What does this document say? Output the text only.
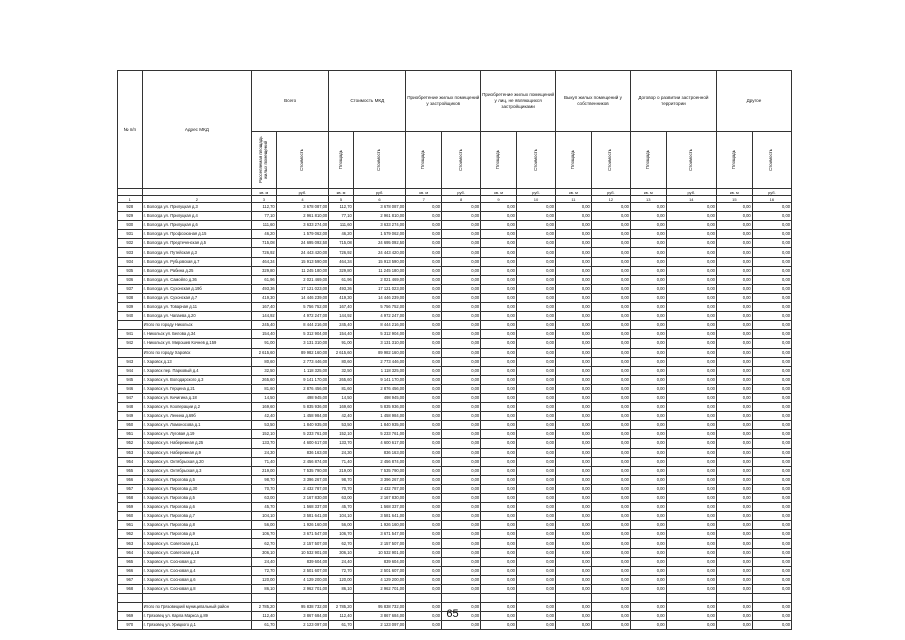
№ п/п	Адрес МКД	Всего		Стоимость МКД		Приобретение жилых помещений у застройщиков		Приобретение жилых помещений у лиц, не являющихся застройщиками		Выкуп жилых помещений у собственников		Договор о развитии застроенной территории		Другое	
		Расселяемая площадь жилых помещений	Стоимость	Площадь	Стоимость	Площадь	Стоимость	Площадь	Стоимость	Площадь	Стоимость	Площадь	Стоимость	Площадь	Стоимость
		кв. м	руб.	кв. м	руб.	кв. м	руб.	кв. м	руб.	кв. м	руб.	кв. м	руб.	кв. м	руб.
1	2	3	4	5	6	7	8	9	10	11	12	13	14	15	16
928	г. Вологда ул. Прилуцкая д.3	112,70	3 678 087,00	112,70	3 678 087,00	0,00	0,00	0,00	0,00	0,00	0,00	0,00	0,00	0,00	0,00
929	г. Вологда ул. Прилуцкая д.4	77,10	2 961 810,00	77,10	2 961 810,00	0,00	0,00	0,00	0,00	0,00	0,00	0,00	0,00	0,00	0,00
930	г. Вологда ул. Прилуцкая д.6	111,60	3 633 274,00	111,60	3 633 274,00	0,00	0,00	0,00	0,00	0,00	0,00	0,00	0,00	0,00	0,00
931	г. Вологда ул. Профсоюзная д.15	46,20	1 579 062,00	46,20	1 579 062,00	0,00	0,00	0,00	0,00	0,00	0,00	0,00	0,00	0,00	0,00
932	г. Вологда ул. Предтеченская д.5	715,08	24 695 092,50	715,08	24 695 092,50	0,00	0,00	0,00	0,00	0,00	0,00	0,00	0,00	0,00	0,00
933	г. Вологда ул. Путейская д.3	726,92	24 443 420,00	726,92	24 443 420,00	0,00	0,00	0,00	0,00	0,00	0,00	0,00	0,00	0,00	0,00
934	г. Вологда ул. Рубцовская д.7	464,34	15 913 590,00	464,34	15 913 590,00	0,00	0,00	0,00	0,00	0,00	0,00	0,00	0,00	0,00	0,00
935	г. Вологда ул. Рабина д.25	329,80	11 245 180,00	329,80	11 245 180,00	0,00	0,00	0,00	0,00	0,00	0,00	0,00	0,00	0,00	0,00
936	г. Вологда ул. Самойло д.36	61,96	2 021 469,00	61,96	2 021 469,00	0,00	0,00	0,00	0,00	0,00	0,00	0,00	0,00	0,00	0,00
937	г. Вологда ул. Сухонская д.19б	493,36	17 121 023,00	493,36	17 121 023,00	0,00	0,00	0,00	0,00	0,00	0,00	0,00	0,00	0,00	0,00
938	г. Вологда ул. Сухонская д.7	419,30	14 446 239,00	419,30	14 446 239,00	0,00	0,00	0,00	0,00	0,00	0,00	0,00	0,00	0,00	0,00
939	г. Вологда ул. Товарная д.11	167,40	5 756 752,00	167,40	5 756 752,00	0,00	0,00	0,00	0,00	0,00	0,00	0,00	0,00	0,00	0,00
940	г. Вологда ул. Чапаева д.20	144,92	4 972 247,00	144,92	4 972 247,00	0,00	0,00	0,00	0,00	0,00	0,00	0,00	0,00	0,00	0,00
	Итого по городу Никольск	245,40	8 444 216,00	245,40	8 444 216,00	0,00	0,00	0,00	0,00	0,00	0,00	0,00	0,00	0,00	0,00
941	г. Никольск ул. Белова д.34	154,40	5 312 904,00	154,40	5 312 904,00	0,00	0,00	0,00	0,00	0,00	0,00	0,00	0,00	0,00	0,00
942	г. Никольск ул. Мирошев Кочнев д.159	91,00	3 131 310,00	91,00	3 131 310,00	0,00	0,00	0,00	0,00	0,00	0,00	0,00	0,00	0,00	0,00
	Итого по городу Харовск	2 615,60	89 982 160,00	2 615,60	89 982 160,00	0,00	0,00	0,00	0,00	0,00	0,00	0,00	0,00	0,00	0,00
943	г. Харовск д.13	80,60	2 773 446,00	80,60	2 773 446,00	0,00	0,00	0,00	0,00	0,00	0,00	0,00	0,00	0,00	0,00
944	г. Харовск пер. Парковый д.4	32,50	1 118 325,00	32,50	1 118 325,00	0,00	0,00	0,00	0,00	0,00	0,00	0,00	0,00	0,00	0,00
945	г. Харовск ул. Володарского д.3	265,60	9 141 170,00	265,60	9 141 170,00	0,00	0,00	0,00	0,00	0,00	0,00	0,00	0,00	0,00	0,00
946	г. Харовск ул. Герцена д.21	81,60	2 876 456,00	81,60	2 876 456,00	0,00	0,00	0,00	0,00	0,00	0,00	0,00	0,00	0,00	0,00
947	г. Харовск ул. Кичигина д.18	14,50	498 945,00	14,50	498 945,00	0,00	0,00	0,00	0,00	0,00	0,00	0,00	0,00	0,00	0,00
948	г. Харовск ул. Кооперации д.2	169,60	5 835 936,00	169,60	5 835 936,00	0,00	0,00	0,00	0,00	0,00	0,00	0,00	0,00	0,00	0,00
949	г. Харовск ул. Ленина д.69б	42,40	1 458 984,00	42,40	1 458 984,00	0,00	0,00	0,00	0,00	0,00	0,00	0,00	0,00	0,00	0,00
950	г. Харовск ул. Ломоносова д.1	53,50	1 840 935,00	53,50	1 840 935,00	0,00	0,00	0,00	0,00	0,00	0,00	0,00	0,00	0,00	0,00
951	г. Харовск ул. Луговая д.19	152,10	5 233 761,00	152,10	5 233 761,00	0,00	0,00	0,00	0,00	0,00	0,00	0,00	0,00	0,00	0,00
952	г. Харовск ул. Набережная д.25	133,70	4 600 617,00	133,70	4 600 617,00	0,00	0,00	0,00	0,00	0,00	0,00	0,00	0,00	0,00	0,00
953	г. Харовск ул. Набережная д.9	24,30	836 163,00	24,30	836 163,00	0,00	0,00	0,00	0,00	0,00	0,00	0,00	0,00	0,00	0,00
954	г. Харовск ул. Октябрьская д.20	71,40	2 456 874,00	71,40	2 456 874,00	0,00	0,00	0,00	0,00	0,00	0,00	0,00	0,00	0,00	0,00
955	г. Харовск ул. Октябрьская д.3	219,00	7 535 790,00	219,00	7 535 790,00	0,00	0,00	0,00	0,00	0,00	0,00	0,00	0,00	0,00	0,00
956	г. Харовск ул. Пирогова д.5	98,70	3 396 267,00	98,70	3 396 267,00	0,00	0,00	0,00	0,00	0,00	0,00	0,00	0,00	0,00	0,00
957	г. Харовск ул. Пирогова д.30	70,70	2 432 787,00	70,70	2 432 787,00	0,00	0,00	0,00	0,00	0,00	0,00	0,00	0,00	0,00	0,00
958	г. Харовск ул. Пирогова д.5	63,00	2 167 830,00	63,00	2 167 830,00	0,00	0,00	0,00	0,00	0,00	0,00	0,00	0,00	0,00	0,00
959	г. Харовск ул. Пирогова д.6	45,70	1 568 337,00	45,70	1 568 337,00	0,00	0,00	0,00	0,00	0,00	0,00	0,00	0,00	0,00	0,00
960	г. Харовск ул. Пирогова д.7	104,10	3 581 641,00	104,10	3 581 641,00	0,00	0,00	0,00	0,00	0,00	0,00	0,00	0,00	0,00	0,00
961	г. Харовск ул. Пирогова д.8	56,00	1 926 160,00	56,00	1 926 160,00	0,00	0,00	0,00	0,00	0,00	0,00	0,00	0,00	0,00	0,00
962	г. Харовск ул. Пирогова д.9	106,70	3 671 547,00	106,70	3 671 547,00	0,00	0,00	0,00	0,00	0,00	0,00	0,00	0,00	0,00	0,00
963	г. Харовск ул. Советская д.11	62,70	2 157 507,00	62,70	2 157 507,00	0,00	0,00	0,00	0,00	0,00	0,00	0,00	0,00	0,00	0,00
964	г. Харовск ул. Советская д.18	306,10	10 532 901,00	306,10	10 532 901,00	0,00	0,00	0,00	0,00	0,00	0,00	0,00	0,00	0,00	0,00
965	г. Харовск ул. Сосновая д.2	24,40	839 604,00	24,40	839 604,00	0,00	0,00	0,00	0,00	0,00	0,00	0,00	0,00	0,00	0,00
966	г. Харовск ул. Сосновая д.4	72,70	2 501 607,00	72,70	2 501 607,00	0,00	0,00	0,00	0,00	0,00	0,00	0,00	0,00	0,00	0,00
967	г. Харовск ул. Сосновая д.6	120,00	4 129 200,00	120,00	4 129 200,00	0,00	0,00	0,00	0,00	0,00	0,00	0,00	0,00	0,00	0,00
968	г. Харовск ул. Сосновая д.8	86,10	2 962 701,00	86,10	2 962 701,00	0,00	0,00	0,00	0,00	0,00	0,00	0,00	0,00	0,00	0,00

	Итого по Грязовецкий муниципальный район	2 785,20	95 838 732,00	2 785,20	95 838 732,00	0,00	0,00	0,00	0,00	0,00	0,00	0,00	0,00	0,00	0,00
969	г. Грязовец ул. Карла Маркса д.89	112,40	3 867 684,00	112,40	3 867 684,00	0,00	0,00	0,00	0,00	0,00	0,00	0,00	0,00	0,00	0,00
970	г. Грязовец ул. Урицкого д.1	61,70	2 123 097,00	61,70	2 123 097,00	0,00	0,00	0,00	0,00	0,00	0,00	0,00	0,00	0,00	0,00
65
